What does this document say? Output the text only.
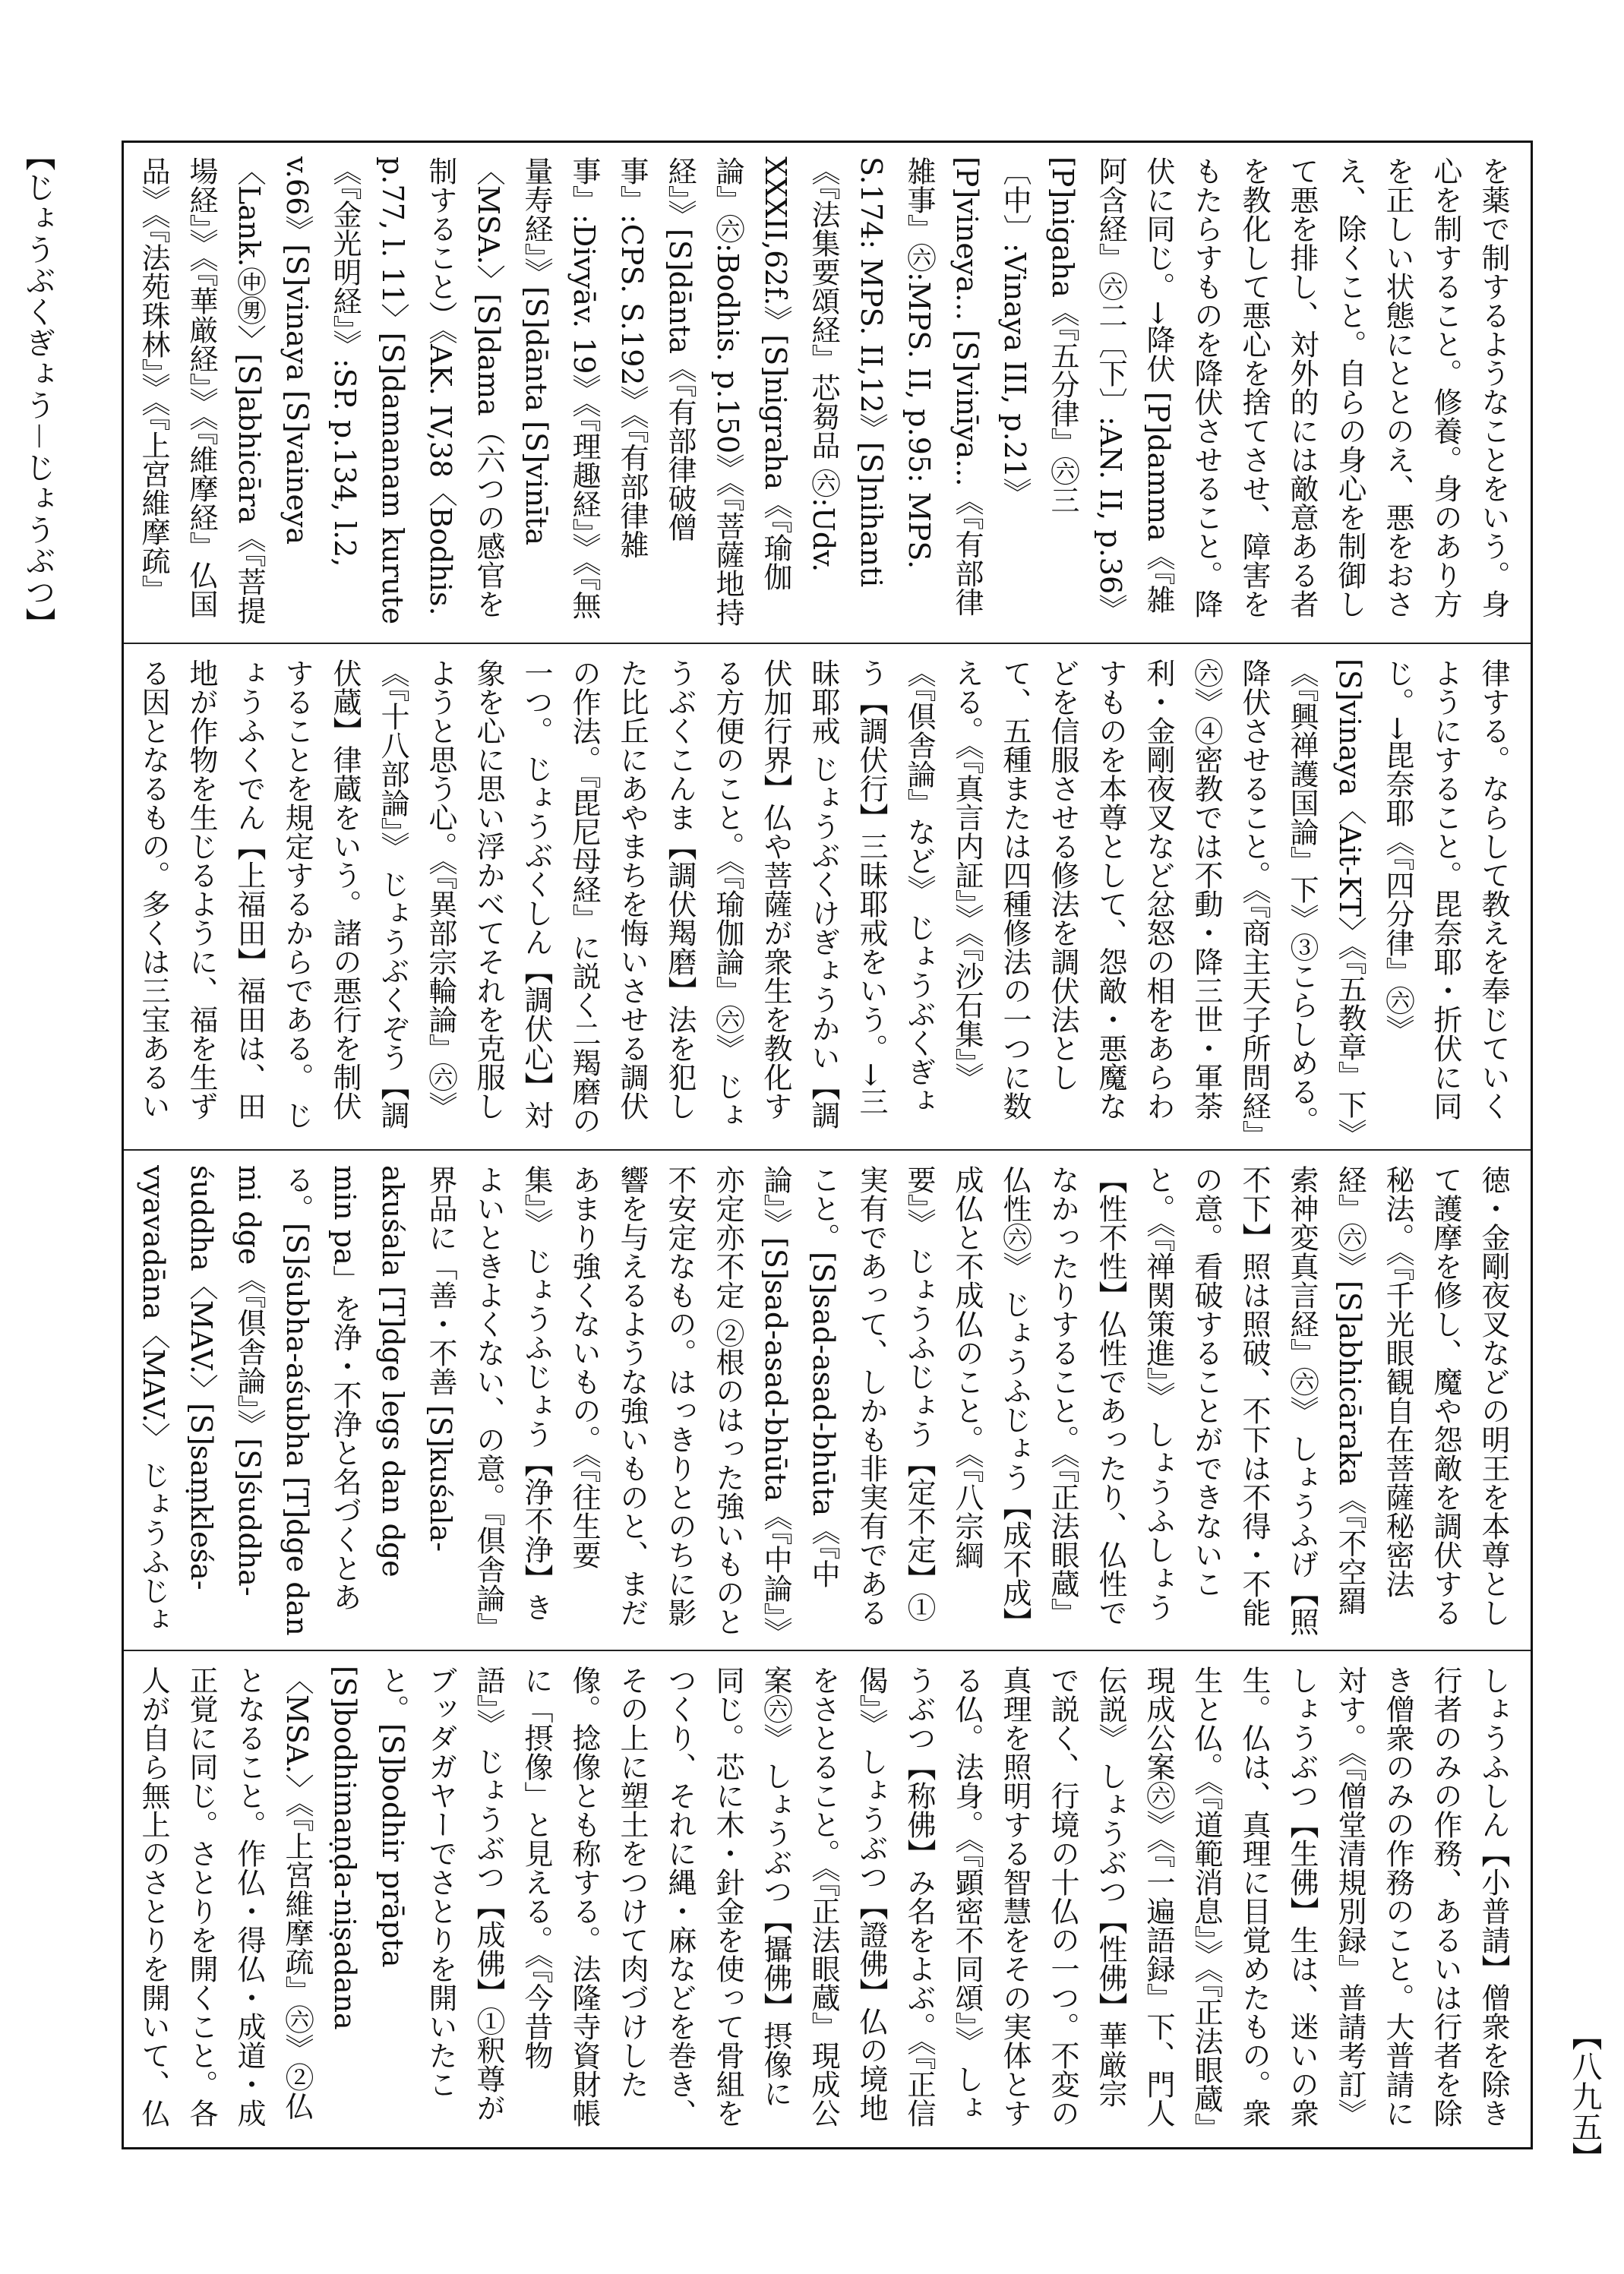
【じょうぶくぎょう－じょうぶつ】
【八九五】

を薬で制するようなことをいう。身心を制すること。修養。身のあり方を正しい状態にととのえ、悪をおさえ、除くこと。自らの身心を制御して悪を排し、対外的には敵意ある者を教化して悪心を捨てさせ、障害をもたらすものを降伏させること。降伏に同じ。→降伏 [P]damma《『雑阿含経』㊅二〔下〕:AN. II, p.36》[P]nigaha《『五分律』㊅三〔中〕:Vinaya III, p.21》[P]vineya... [S]vinīya...《『有部律雑事』㊅:MPS. II, p.95: MPS. S.174: MPS. II,12》[S]nihanti《『法集要頌経』芯芻品 ㊅:Udv. XXXII,62f.》[S]nigraha《『瑜伽論』㊅:Bodhis. p.150》《『菩薩地持経』》[S]dānta《『有部律破僧事』:CPS. S.192》《『有部律雑事』:Divyāv. 19》《『理趣経』》《『無量寿経』》[S]dānta [S]vinīta〈MSA.〉[S]dama（六つの感官を制すること）《AK. IV,38〈Bodhis. p.77, l. 11〉[S]damanam kurute《『金光明経』》:SP. p.134, l.2, v.66》[S]vinaya [S]vaineya〈Lank.㊥㊚〉[S]abhicāra《『菩提場経』》《『華厳経』》《『維摩経』仏国品》《『法苑珠林』》《『上宮維摩疏』

律する。ならして教えを奉じていくようにすること。毘奈耶・折伏に同じ。→毘奈耶《『四分律』㊅》[S]vinaya〈Ait-KT〉《『五教章』下》《『興禅護国論』下》③こらしめる。降伏させること。《『商主天子所問経』㊅》④密教では不動・降三世・軍荼利・金剛夜叉など忿怒の相をあらわすものを本尊として、怨敵・悪魔などを信服させる修法を調伏法として、五種または四種修法の一つに数える。《『真言内証』》《『沙石集』》《『倶舎論』など》 じょうぶくぎょう【調伏行】三昧耶戒をいう。→三昧耶戒 じょうぶくけぎょうかい【調伏加行界】仏や菩薩が衆生を教化する方便のこと。《『瑜伽論』㊅》 じょうぶくこんま【調伏羯磨】法を犯した比丘にあやまちを悔いさせる調伏の作法。『毘尼母経』に説く二羯磨の一つ。 じょうぶくしん【調伏心】対象を心に思い浮かべてそれを克服しようと思う心。《『異部宗輪論』㊅》《『十八部論』》 じょうぶくぞう【調伏蔵】律蔵をいう。諸の悪行を制伏することを規定するからである。 じょうふくでん【上福田】福田は、田地が作物を生じるように、福を生ずる因となるもの。多くは三宝あるい

徳・金剛夜叉などの明王を本尊として護摩を修し、魔や怨敵を調伏する秘法。《『千光眼観自在菩薩秘密法経』㊅》[S]abhicāraka《『不空羂索神変真言経』㊅》 しょうふげ【照不下】照は照破、不下は不得・不能の意。看破することができないこと。《『禅関策進』》 しょうふしょう【性不性】仏性であったり、仏性でなかったりすること。《『正法眼蔵』仏性㊅》 じょうふじょう【成不成】成仏と不成仏のこと。《『八宗綱要』》 じょうふじょう【定不定】①実有であって、しかも非実有であること。[S]sad-asad-bhūta《『中論』》[S]sad-asad-bhūta《『中論』》亦定亦不定 ②根のはった強いものと不安定なもの。はっきりとのちに影響を与えるような強いものと、まだあまり強くないもの。《『往生要集』》 じょうふじょう【浄不浄】きよいときよくない、の意。『倶舎論』界品に「善・不善 [S]kuśala-akuśala [T]dge legs dan dge min pa」を浄・不浄と名づくとある。[S]śubha-aśubha [T]dge dan mi dge《『倶舎論』》[S]śuddha-śuddha〈MAV.〉[S]saṃkleśa-vyavadāna〈MAV.〉 じょうふじょ

しょうふしん【小普請】僧衆を除き行者のみの作務、あるいは行者を除き僧衆のみの作務のこと。大普請に対す。《『僧堂清規別録』普請考訂》 しょうぶつ【生佛】生は、迷いの衆生。仏は、真理に目覚めたもの。衆生と仏。《『道範消息』》《『正法眼蔵』現成公案㊅》《『一遍語録』下、門人伝説》 しょうぶつ【性佛】華厳宗で説く、行境の十仏の一つ。不変の真理を照明する智慧をその実体とする仏。法身。《『顕密不同頌』》 しょうぶつ【称佛】み名をよぶ。《『正信偈』》 しょうぶつ【證佛】仏の境地をさとること。《『正法眼蔵』現成公案㊅》 しょうぶつ【攝佛】摂像に同じ。芯に木・針金を使って骨組をつくり、それに縄・麻などを巻き、その上に塑土をつけて肉づけした像。捻像とも称する。法隆寺資財帳に「摂像」と見える。《『今昔物語』》 じょうぶつ【成佛】①釈尊がブッダガヤーでさとりを開いたこと。[S]bodhir prāpta [S]bodhimaṇḍa-niṣadana〈MSA.〉《『上宮維摩疏』㊅》②仏となること。作仏・得仏・成道・成正覚に同じ。さとりを開くこと。各人が自ら無上のさとりを開いて、仏
